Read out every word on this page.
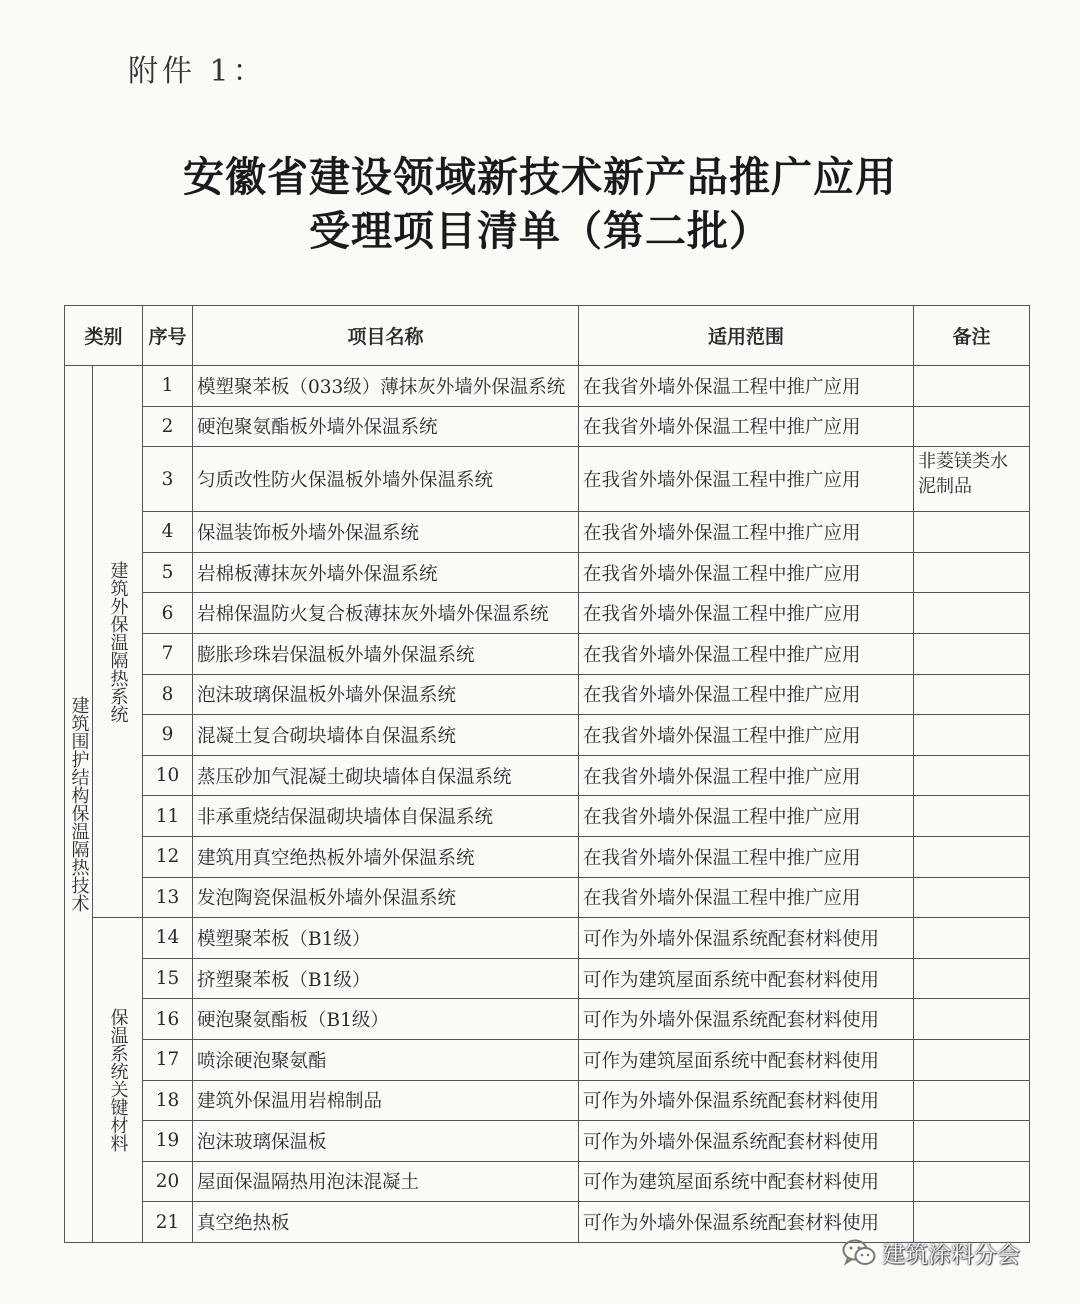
附件 1：
安徽省建设领域新技术新产品推广应用
受理项目清单（第二批）
类别		序号	项目名称	适用范围	备注

建筑围护结构保温隔热技术	建筑外保温隔热系统	1	模塑聚苯板（033级）薄抹灰外墙外保温系统	在我省外墙外保温工程中推广应用	
		2	硬泡聚氨酯板外墙外保温系统	在我省外墙外保温工程中推广应用	
		3	匀质改性防火保温板外墙外保温系统	在我省外墙外保温工程中推广应用	非菱镁类水泥制品
		4	保温装饰板外墙外保温系统	在我省外墙外保温工程中推广应用	
		5	岩棉板薄抹灰外墙外保温系统	在我省外墙外保温工程中推广应用	
		6	岩棉保温防火复合板薄抹灰外墙外保温系统	在我省外墙外保温工程中推广应用	
		7	膨胀珍珠岩保温板外墙外保温系统	在我省外墙外保温工程中推广应用	
		8	泡沫玻璃保温板外墙外保温系统	在我省外墙外保温工程中推广应用	
		9	混凝土复合砌块墙体自保温系统	在我省外墙外保温工程中推广应用	
		10	蒸压砂加气混凝土砌块墙体自保温系统	在我省外墙外保温工程中推广应用	
		11	非承重烧结保温砌块墙体自保温系统	在我省外墙外保温工程中推广应用	
		12	建筑用真空绝热板外墙外保温系统	在我省外墙外保温工程中推广应用	
		13	发泡陶瓷保温板外墙外保温系统	在我省外墙外保温工程中推广应用	

	保温系统关键材料	14	模塑聚苯板（B1级）	可作为外墙外保温系统配套材料使用	
		15	挤塑聚苯板（B1级）	可作为建筑屋面系统中配套材料使用	
		16	硬泡聚氨酯板（B1级）	可作为外墙外保温系统配套材料使用	
		17	喷涂硬泡聚氨酯	可作为建筑屋面系统中配套材料使用	
		18	建筑外保温用岩棉制品	可作为外墙外保温系统配套材料使用	
		19	泡沫玻璃保温板	可作为外墙外保温系统配套材料使用	
		20	屋面保温隔热用泡沫混凝土	可作为建筑屋面系统中配套材料使用	
		21	真空绝热板	可作为外墙外保温系统配套材料使用	
建筑涂料分会
